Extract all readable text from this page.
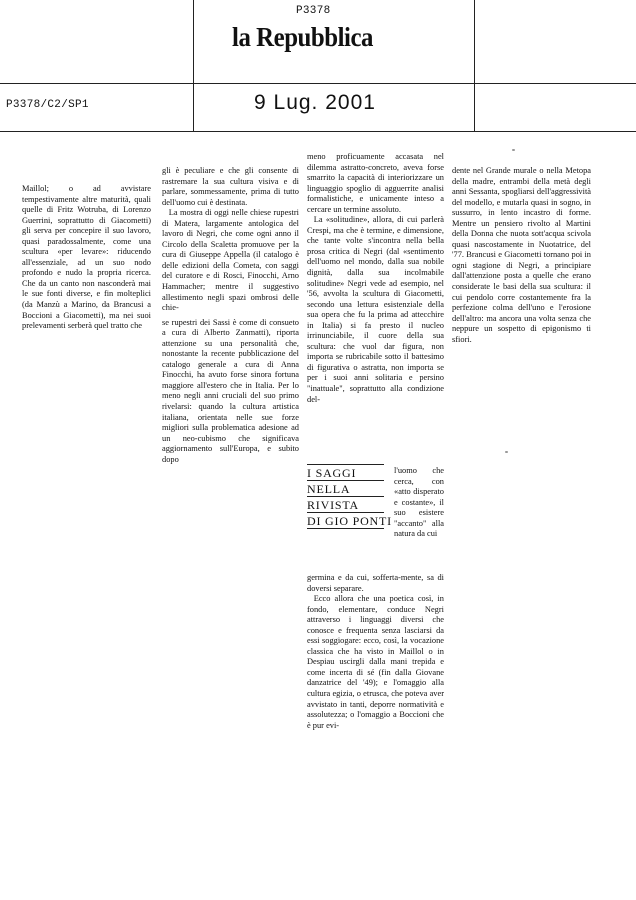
P3378
la Repubblica
P3378/C2/SP1	9 Lug. 2001

Maillol; o ad avvistare tempestivamente altre maturità, quali quelle di Fritz Wotruba, di Lorenzo Guerrini, soprattutto di Giacometti) gli serva per concepire il suo lavoro, quasi paradossalmente, come una scultura «per levare»: riducendo all'essenziale, ad un suo nodo profondo e nudo la propria ricerca. Che da un canto non nasconderà mai le sue fonti diverse, e fin molteplici (da Manzù a Marino, da Brancusi a Boccioni a Giacometti), ma nei suoi prelevamenti serberà quel tratto che

gli è peculiare e che gli consente di rastremare la sua cultura visiva e di parlare, sommessamente, prima di tutto dell'uomo cui è destinata.

La mostra di oggi nelle chiese rupestri di Matera, largamente antologica del lavoro di Negri, che come ogni anno il Circolo della Scaletta promuove per la cura di Giuseppe Appella (il catalogo è delle edizioni della Cometa, con saggi del curatore e di Rosci, Finocchi, Arno Hammacher; mentre il suggestivo allestimento negli spazi ombrosi delle chie-

se rupestri dei Sassi è come di consueto a cura di Alberto Zanmatti), riporta attenzione su una personalità che, nonostante la recente pubblicazione del catalogo generale a cura di Anna Finocchi, ha avuto forse sinora fortuna maggiore all'estero che in Italia. Per lo meno negli anni cruciali del suo primo rivelarsi: quando la cultura artistica italiana, orientata nelle sue forze migliori sulla problematica adesione ad un neo-cubismo che significava aggiornamento sull'Europa, e subito dopo

meno proficuamente accasata nel dilemma astratto-concreto, aveva forse smarrito la capacità di interiorizzare un linguaggio spoglio di agguerrite analisi formalistiche, e unicamente inteso a cercare un termine assoluto.

La «solitudine», allora, di cui parlerà Crespi, ma che è termine, e dimensione, che tante volte s'incontra nella bella prosa critica di Negri (dal «sentimento dell'uomo nel mondo, dalla sua nobile dignità, dalla sua incolmabile solitudine» Negri vede ad esempio, nel '56, avvolta la scultura di Giacometti, secondo una lettura esistenziale della sua opera che fu la prima ad attecchire in Italia) si fa presto il nucleo irrinunciabile, il cuore della sua scultura: che vuol dar figura, non importa se rubricabile sotto il battesimo di figurativa o astratta, non importa se per i suoi anni solitaria e persino "inattuale", soprattutto alla condizione del-

I SAGGI
NELLA
RIVISTA
DI GIO PONTI
l'uomo che cerca, con «atto disperato e costante», il suo esistere "accanto" alla natura da cui

germina e da cui, sofferta-mente, sa di doversi separare.

Ecco allora che una poetica così, in fondo, elementare, conduce Negri attraverso i linguaggi diversi che conosce e frequenta senza lasciarsi da essi soggiogare: ecco, così, la vocazione classica che ha visto in Maillol o in Despiau uscirgli dalla mani trepida e come incerta di sé (fin dalla Giovane danzatrice del '49); e l'omaggio alla cultura egizia, o etrusca, che poteva aver avvistato in tanti, deporre normatività e assolutezza; o l'omaggio a Boccioni che è pur evi-

dente nel Grande murale o nella Metopa della madre, entrambi della metà degli anni Sessanta, spogliarsi dell'aggressività del modello, e mutarla quasi in sogno, in sussurro, in lento incastro di forme. Mentre un pensiero rivolto al Martini della Donna che nuota sott'acqua scivola quasi nascostamente in Nuotatrice, del '77. Brancusi e Giacometti tornano poi in ogni stagione di Negri, a principiare dall'attenzione posta a quelle che erano considerate le basi della sua scultura: il cui pendolo corre costantemente fra la perfezione colma dell'uno e l'erosione dell'altro: ma ancora una volta senza che neppure un sospetto di epigonismo ti sfiori.
